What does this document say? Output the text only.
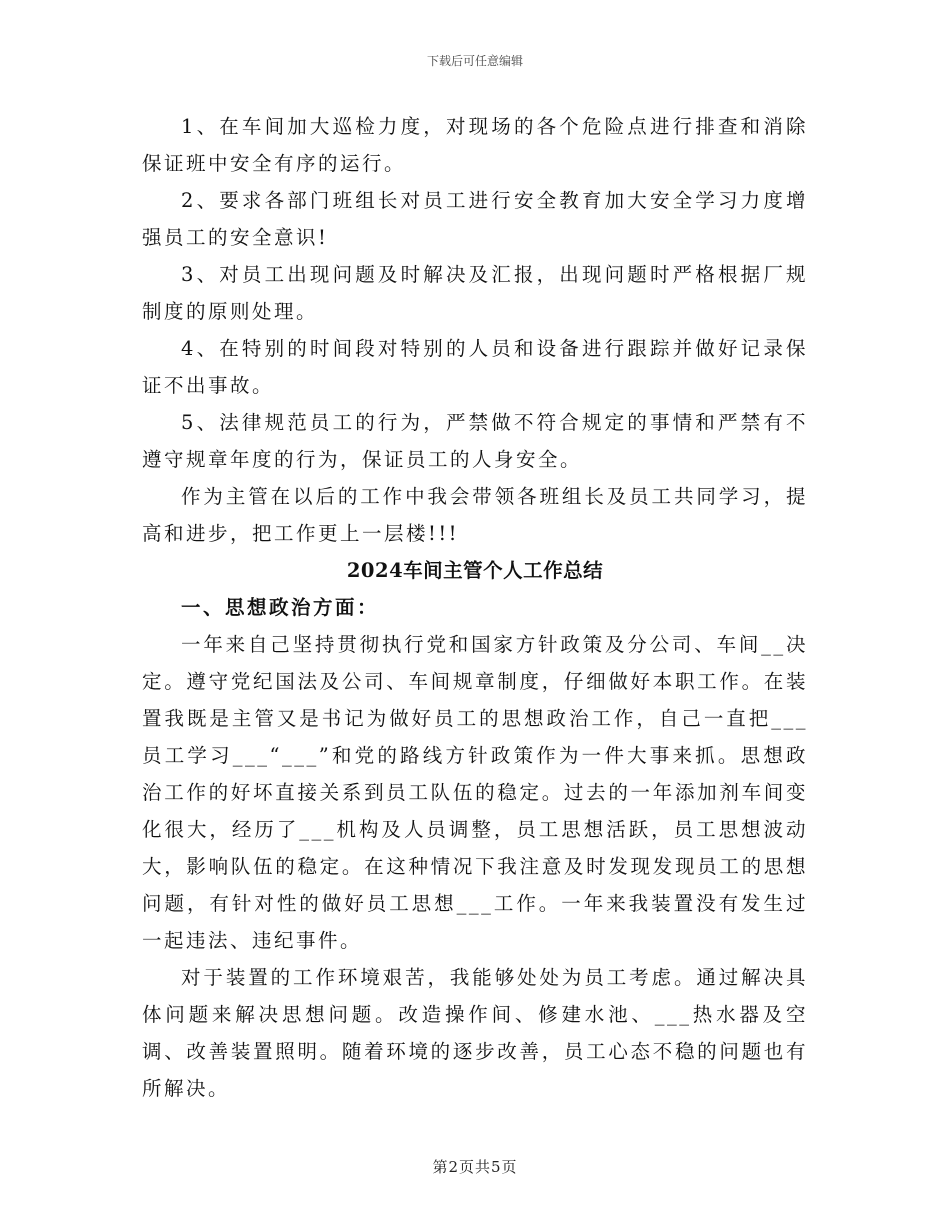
下载后可任意编辑

1、在车间加大巡检力度，对现场的各个危险点进行排查和消除保证班中安全有序的运行。

2、要求各部门班组长对员工进行安全教育加大安全学习力度增强员工的安全意识!

3、对员工出现问题及时解决及汇报，出现问题时严格根据厂规制度的原则处理。

4、在特别的时间段对特别的人员和设备进行跟踪并做好记录保证不出事故。

5、法律规范员工的行为，严禁做不符合规定的事情和严禁有不遵守规章年度的行为，保证员工的人身安全。

作为主管在以后的工作中我会带领各班组长及员工共同学习，提高和进步，把工作更上一层楼!!!

2024车间主管个人工作总结
一、思想政治方面：

一年来自己坚持贯彻执行党和国家方针政策及分公司、车间__决定。遵守党纪国法及公司、车间规章制度，仔细做好本职工作。在装置我既是主管又是书记为做好员工的思想政治工作，自己一直把___员工学习___“___”和党的路线方针政策作为一件大事来抓。思想政治工作的好坏直接关系到员工队伍的稳定。过去的一年添加剂车间变化很大，经历了___机构及人员调整，员工思想活跃，员工思想波动大，影响队伍的稳定。在这种情况下我注意及时发现发现员工的思想问题，有针对性的做好员工思想___工作。一年来我装置没有发生过一起违法、违纪事件。

对于装置的工作环境艰苦，我能够处处为员工考虑。通过解决具体问题来解决思想问题。改造操作间、修建水池、___热水器及空调、改善装置照明。随着环境的逐步改善，员工心态不稳的问题也有所解决。

第2页共5页
